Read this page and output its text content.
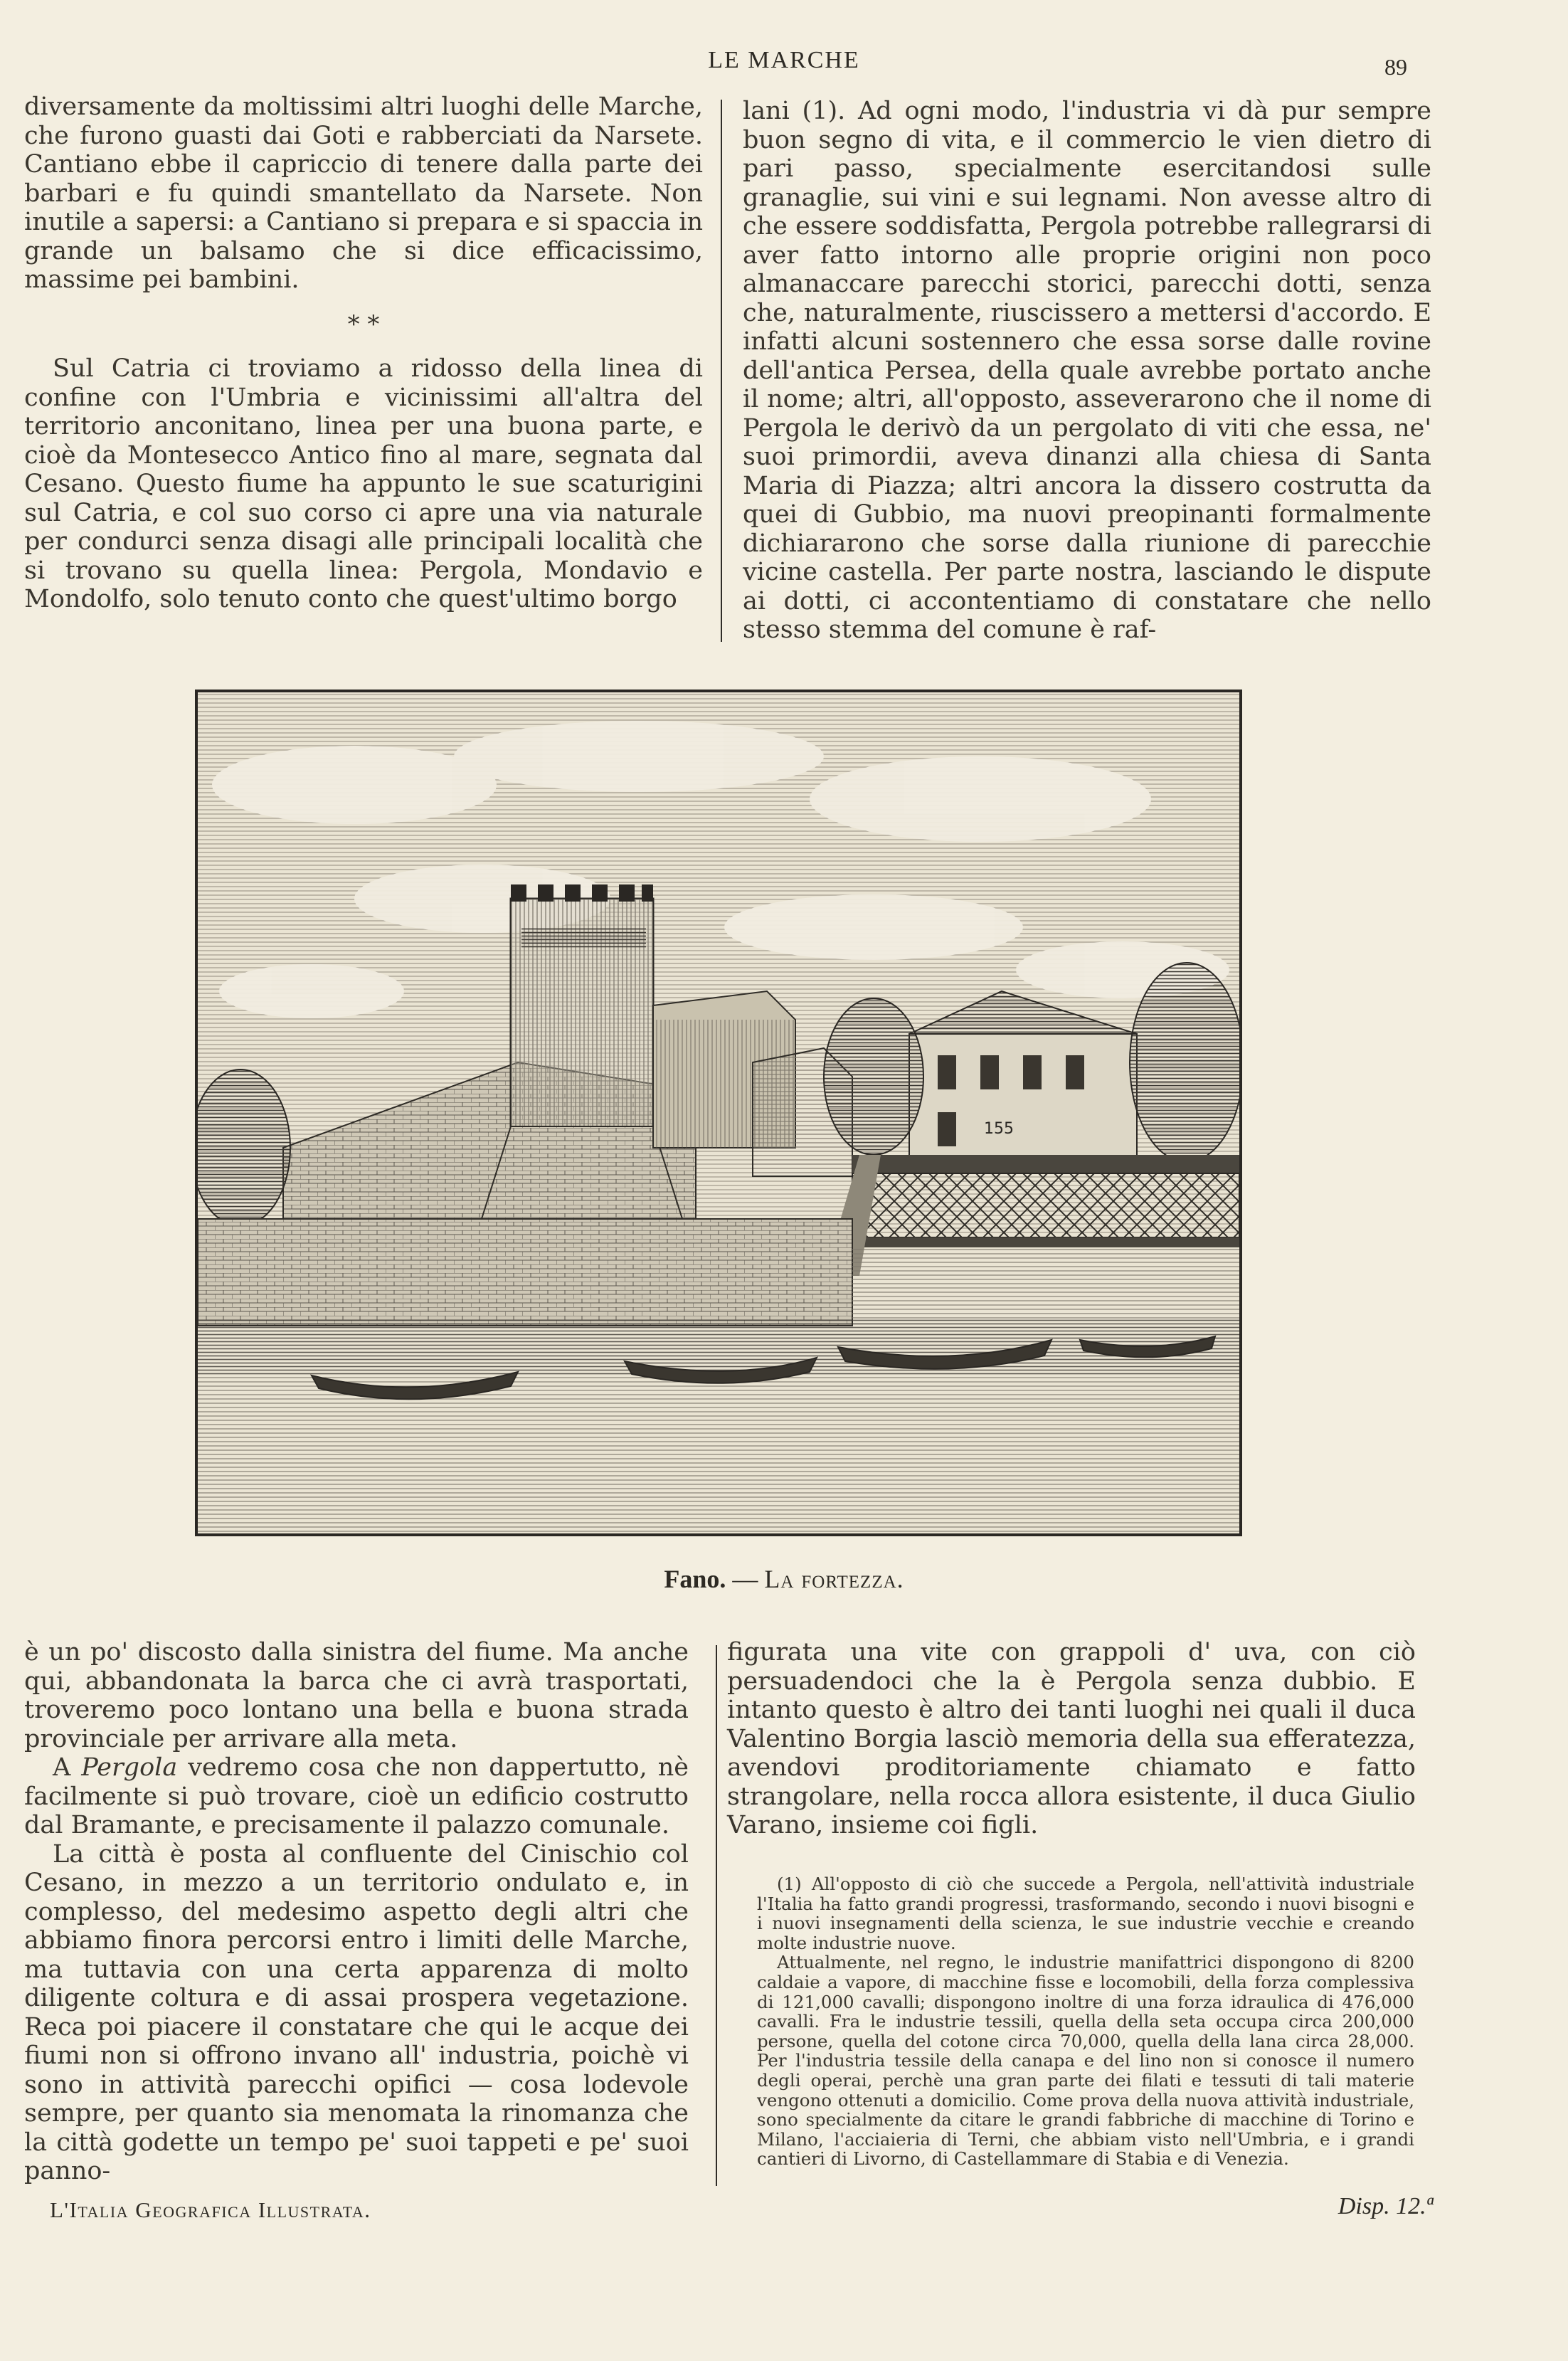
LE MARCHE	89

diversamente da moltissimi altri luoghi delle Marche, che furono guasti dai Goti e rabberciati da Narsete. Cantiano ebbe il capriccio di tenere dalla parte dei barbari e fu quindi smantellato da Narsete. Non inutile a sapersi: a Cantiano si prepara e si spaccia in grande un balsamo che si dice efficacissimo, massime pei bambini.

* *

Sul Catria ci troviamo a ridosso della linea di confine con l'Umbria e vicinissimi all'altra del territorio anconitano, linea per una buona parte, e cioè da Montesecco Antico fino al mare, segnata dal Cesano. Questo fiume ha appunto le sue scaturigini sul Catria, e col suo corso ci apre una via naturale per condurci senza disagi alle principali località che si trovano su quella linea: Pergola, Mondavio e Mondolfo, solo tenuto conto che quest'ultimo borgo

lani (1). Ad ogni modo, l'industria vi dà pur sempre buon segno di vita, e il commercio le vien dietro di pari passo, specialmente esercitandosi sulle granaglie, sui vini e sui legnami. Non avesse altro di che essere soddisfatta, Pergola potrebbe rallegrarsi di aver fatto intorno alle proprie origini non poco almanaccare parecchi storici, parecchi dotti, senza che, naturalmente, riuscissero a mettersi d'accordo. E infatti alcuni sostennero che essa sorse dalle rovine dell'antica Persea, della quale avrebbe portato anche il nome; altri, all'opposto, asseverarono che il nome di Pergola le derivò da un pergolato di viti che essa, ne' suoi primordii, aveva dinanzi alla chiesa di Santa Maria di Piazza; altri ancora la dissero costrutta da quei di Gubbio, ma nuovi preopinanti formalmente dichiararono che sorse dalla riunione di parecchie vicine castella. Per parte nostra, lasciando le dispute ai dotti, ci accontentiamo di constatare che nello stesso stemma del comune è raf-

155
Fano. — La fortezza.

è un po' discosto dalla sinistra del fiume. Ma anche qui, abbandonata la barca che ci avrà trasportati, troveremo poco lontano una bella e buona strada provinciale per arrivare alla meta.

A Pergola vedremo cosa che non dappertutto, nè facilmente si può trovare, cioè un edificio costrutto dal Bramante, e precisamente il palazzo comunale.

La città è posta al confluente del Cinischio col Cesano, in mezzo a un territorio ondulato e, in complesso, del medesimo aspetto degli altri che abbiamo finora percorsi entro i limiti delle Marche, ma tuttavia con una certa apparenza di molto diligente coltura e di assai prospera vegetazione. Reca poi piacere il constatare che qui le acque dei fiumi non si offrono invano all' industria, poichè vi sono in attività parecchi opifici — cosa lodevole sempre, per quanto sia menomata la rinomanza che la città godette un tempo pe' suoi tappeti e pe' suoi panno-

figurata una vite con grappoli d' uva, con ciò persuadendoci che la è Pergola senza dubbio. E intanto questo è altro dei tanti luoghi nei quali il duca Valentino Borgia lasciò memoria della sua efferatezza, avendovi proditoriamente chiamato e fatto strangolare, nella rocca allora esistente, il duca Giulio Varano, insieme coi figli.

(1) All'opposto di ciò che succede a Pergola, nell'attività industriale l'Italia ha fatto grandi progressi, trasformando, secondo i nuovi bisogni e i nuovi insegnamenti della scienza, le sue industrie vecchie e creando molte industrie nuove.

Attualmente, nel regno, le industrie manifattrici dispongono di 8200 caldaie a vapore, di macchine fisse e locomobili, della forza complessiva di 121,000 cavalli; dispongono inoltre di una forza idraulica di 476,000 cavalli. Fra le industrie tessili, quella della seta occupa circa 200,000 persone, quella del cotone circa 70,000, quella della lana circa 28,000. Per l'industria tessile della canapa e del lino non si conosce il numero degli operai, perchè una gran parte dei filati e tessuti di tali materie vengono ottenuti a domicilio. Come prova della nuova attività industriale, sono specialmente da citare le grandi fabbriche di macchine di Torino e Milano, l'acciaieria di Terni, che abbiam visto nell'Umbria, e i grandi cantieri di Livorno, di Castellammare di Stabia e di Venezia.

L'Italia Geografica Illustrata.	Disp. 12.ª
